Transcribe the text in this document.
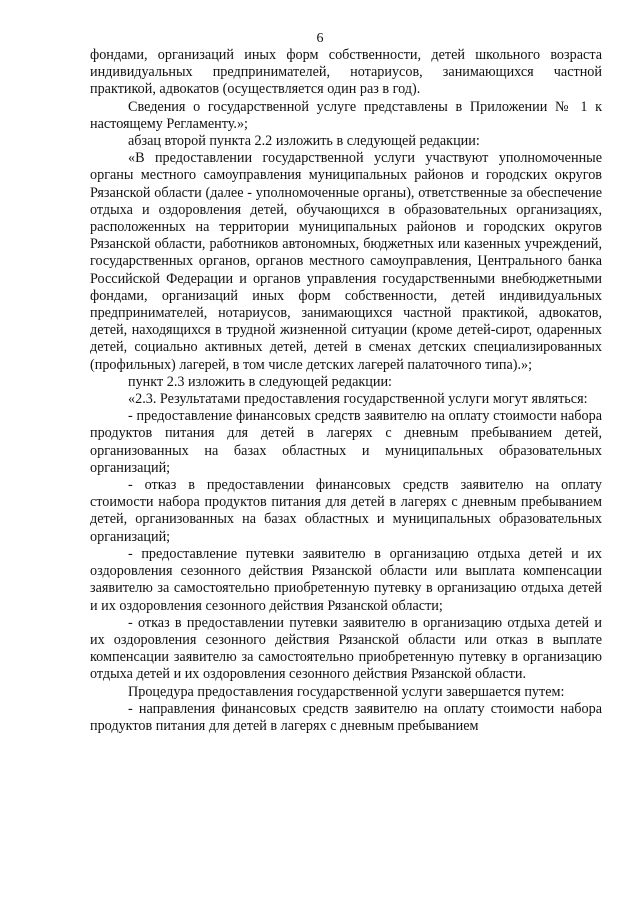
6

фондами, организаций иных форм собственности, детей школьного возраста индивидуальных предпринимателей, нотариусов, занимающихся частной практикой, адвокатов (осуществляется один раз в год).

Сведения о государственной услуге представлены в Приложении № 1 к настоящему Регламенту.»;

абзац второй пункта 2.2 изложить в следующей редакции:

«В предоставлении государственной услуги участвуют уполномоченные органы местного самоуправления муниципальных районов и городских округов Рязанской области (далее - уполномоченные органы), ответственные за обеспечение отдыха и оздоровления детей, обучающихся в образовательных организациях, расположенных на территории муниципальных районов и городских округов Рязанской области, работников автономных, бюджетных или казенных учреждений, государственных органов, органов местного самоуправления, Центрального банка Российской Федерации и органов управления государственными внебюджетными фондами, организаций иных форм собственности, детей индивидуальных предпринимателей, нотариусов, занимающихся частной практикой, адвокатов, детей, находящихся в трудной жизненной ситуации (кроме детей-сирот, одаренных детей, социально активных детей, детей в сменах детских специализированных (профильных) лагерей, в том числе детских лагерей палаточного типа).»;

пункт 2.3 изложить в следующей редакции:

«2.3. Результатами предоставления государственной услуги могут являться:

- предоставление финансовых средств заявителю на оплату стоимости набора продуктов питания для детей в лагерях с дневным пребыванием детей, организованных на базах областных и муниципальных образовательных организаций;

- отказ в предоставлении финансовых средств заявителю на оплату стоимости набора продуктов питания для детей в лагерях с дневным пребыванием детей, организованных на базах областных и муниципальных образовательных организаций;

- предоставление путевки заявителю в организацию отдыха детей и их оздоровления сезонного действия Рязанской области или выплата компенсации заявителю за самостоятельно приобретенную путевку в организацию отдыха детей и их оздоровления сезонного действия Рязанской области;

- отказ в предоставлении путевки заявителю в организацию отдыха детей и их оздоровления сезонного действия Рязанской области или отказ в выплате компенсации заявителю за самостоятельно приобретенную путевку в организацию отдыха детей и их оздоровления сезонного действия Рязанской области.

Процедура предоставления государственной услуги завершается путем:

- направления финансовых средств заявителю на оплату стоимости набора продуктов питания для детей в лагерях с дневным пребыванием
